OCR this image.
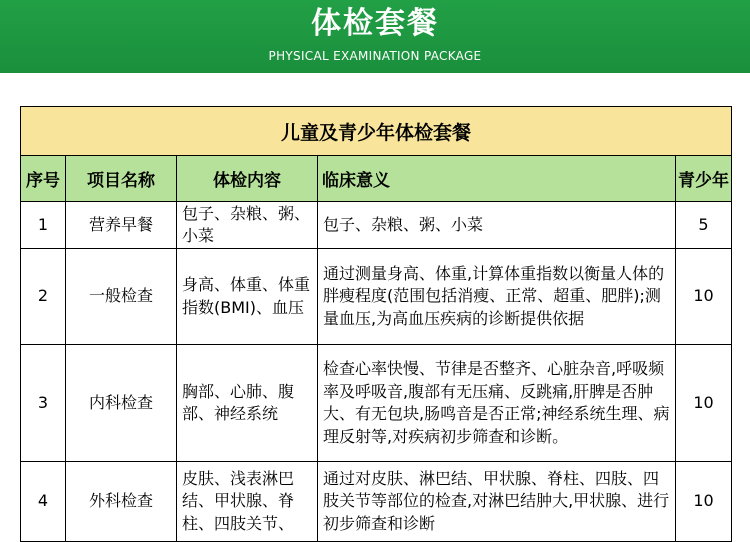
体检套餐
PHYSICAL EXAMINATION PACKAGE
儿童及青少年体检套餐				
序号	项目名称	体检内容	临床意义	青少年
1	营养早餐	包子、杂粮、粥、小菜	包子、杂粮、粥、小菜	5
2	一般检查	身高、体重、体重指数(BMI)、血压	通过测量身高、体重,计算体重指数以衡量人体的胖瘦程度(范围包括消瘦、正常、超重、肥胖);测量血压,为高血压疾病的诊断提供依据	10
3	内科检查	胸部、心肺、腹部、神经系统	检查心率快慢、节律是否整齐、心脏杂音,呼吸频率及呼吸音,腹部有无压痛、反跳痛,肝脾是否肿大、有无包块,肠鸣音是否正常;神经系统生理、病理反射等,对疾病初步筛查和诊断。	10
4	外科检查	皮肤、浅表淋巴结、甲状腺、脊柱、四肢关节、	通过对皮肤、淋巴结、甲状腺、脊柱、四肢、四肢关节等部位的检查,对淋巴结肿大,甲状腺、进行初步筛查和诊断	10
